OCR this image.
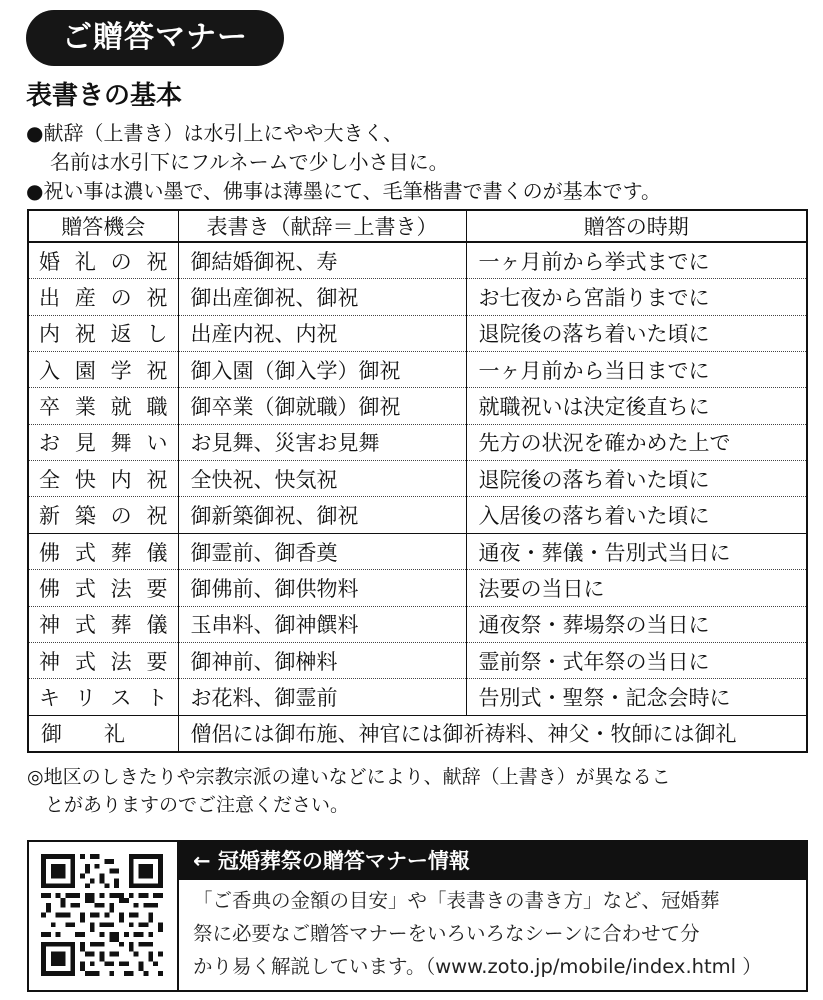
ご贈答マナー
表書きの基本
●献辞（上書き）は水引上にやや大きく、
名前は水引下にフルネームで少し小さ目に。
●祝い事は濃い墨で、佛事は薄墨にて、毛筆楷書で書くのが基本です。
贈答機会	表書き（献辞＝上書き）	贈答の時期
婚礼の祝	御結婚御祝、寿	一ヶ月前から挙式までに
出産の祝	御出産御祝、御祝	お七夜から宮詣りまでに
内祝返し	出産内祝、内祝	退院後の落ち着いた頃に
入園学祝	御入園（御入学）御祝	一ヶ月前から当日までに
卒業就職	御卒業（御就職）御祝	就職祝いは決定後直ちに
お見舞い	お見舞、災害お見舞	先方の状況を確かめた上で
全快内祝	全快祝、快気祝	退院後の落ち着いた頃に
新築の祝	御新築御祝、御祝	入居後の落ち着いた頃に
佛式葬儀	御霊前、御香奠	通夜・葬儀・告別式当日に
佛式法要	御佛前、御供物料	法要の当日に
神式葬儀	玉串料、御神饌料	通夜祭・葬場祭の当日に
神式法要	御神前、御榊料	霊前祭・式年祭の当日に
キリスト	お花料、御霊前	告別式・聖祭・記念会時に
御　　礼	僧侶には御布施、神官には御祈祷料、神父・牧師には御礼	
◎地区のしきたりや宗教宗派の違いなどにより、献辞（上書き）が異なるこ
とがありますのでご注意ください。
← 冠婚葬祭の贈答マナー情報
「ご香典の金額の目安」や「表書きの書き方」など、冠婚葬
祭に必要なご贈答マナーをいろいろなシーンに合わせて分
かり易く解説しています。（www.zoto.jp/mobile/index.html ）
